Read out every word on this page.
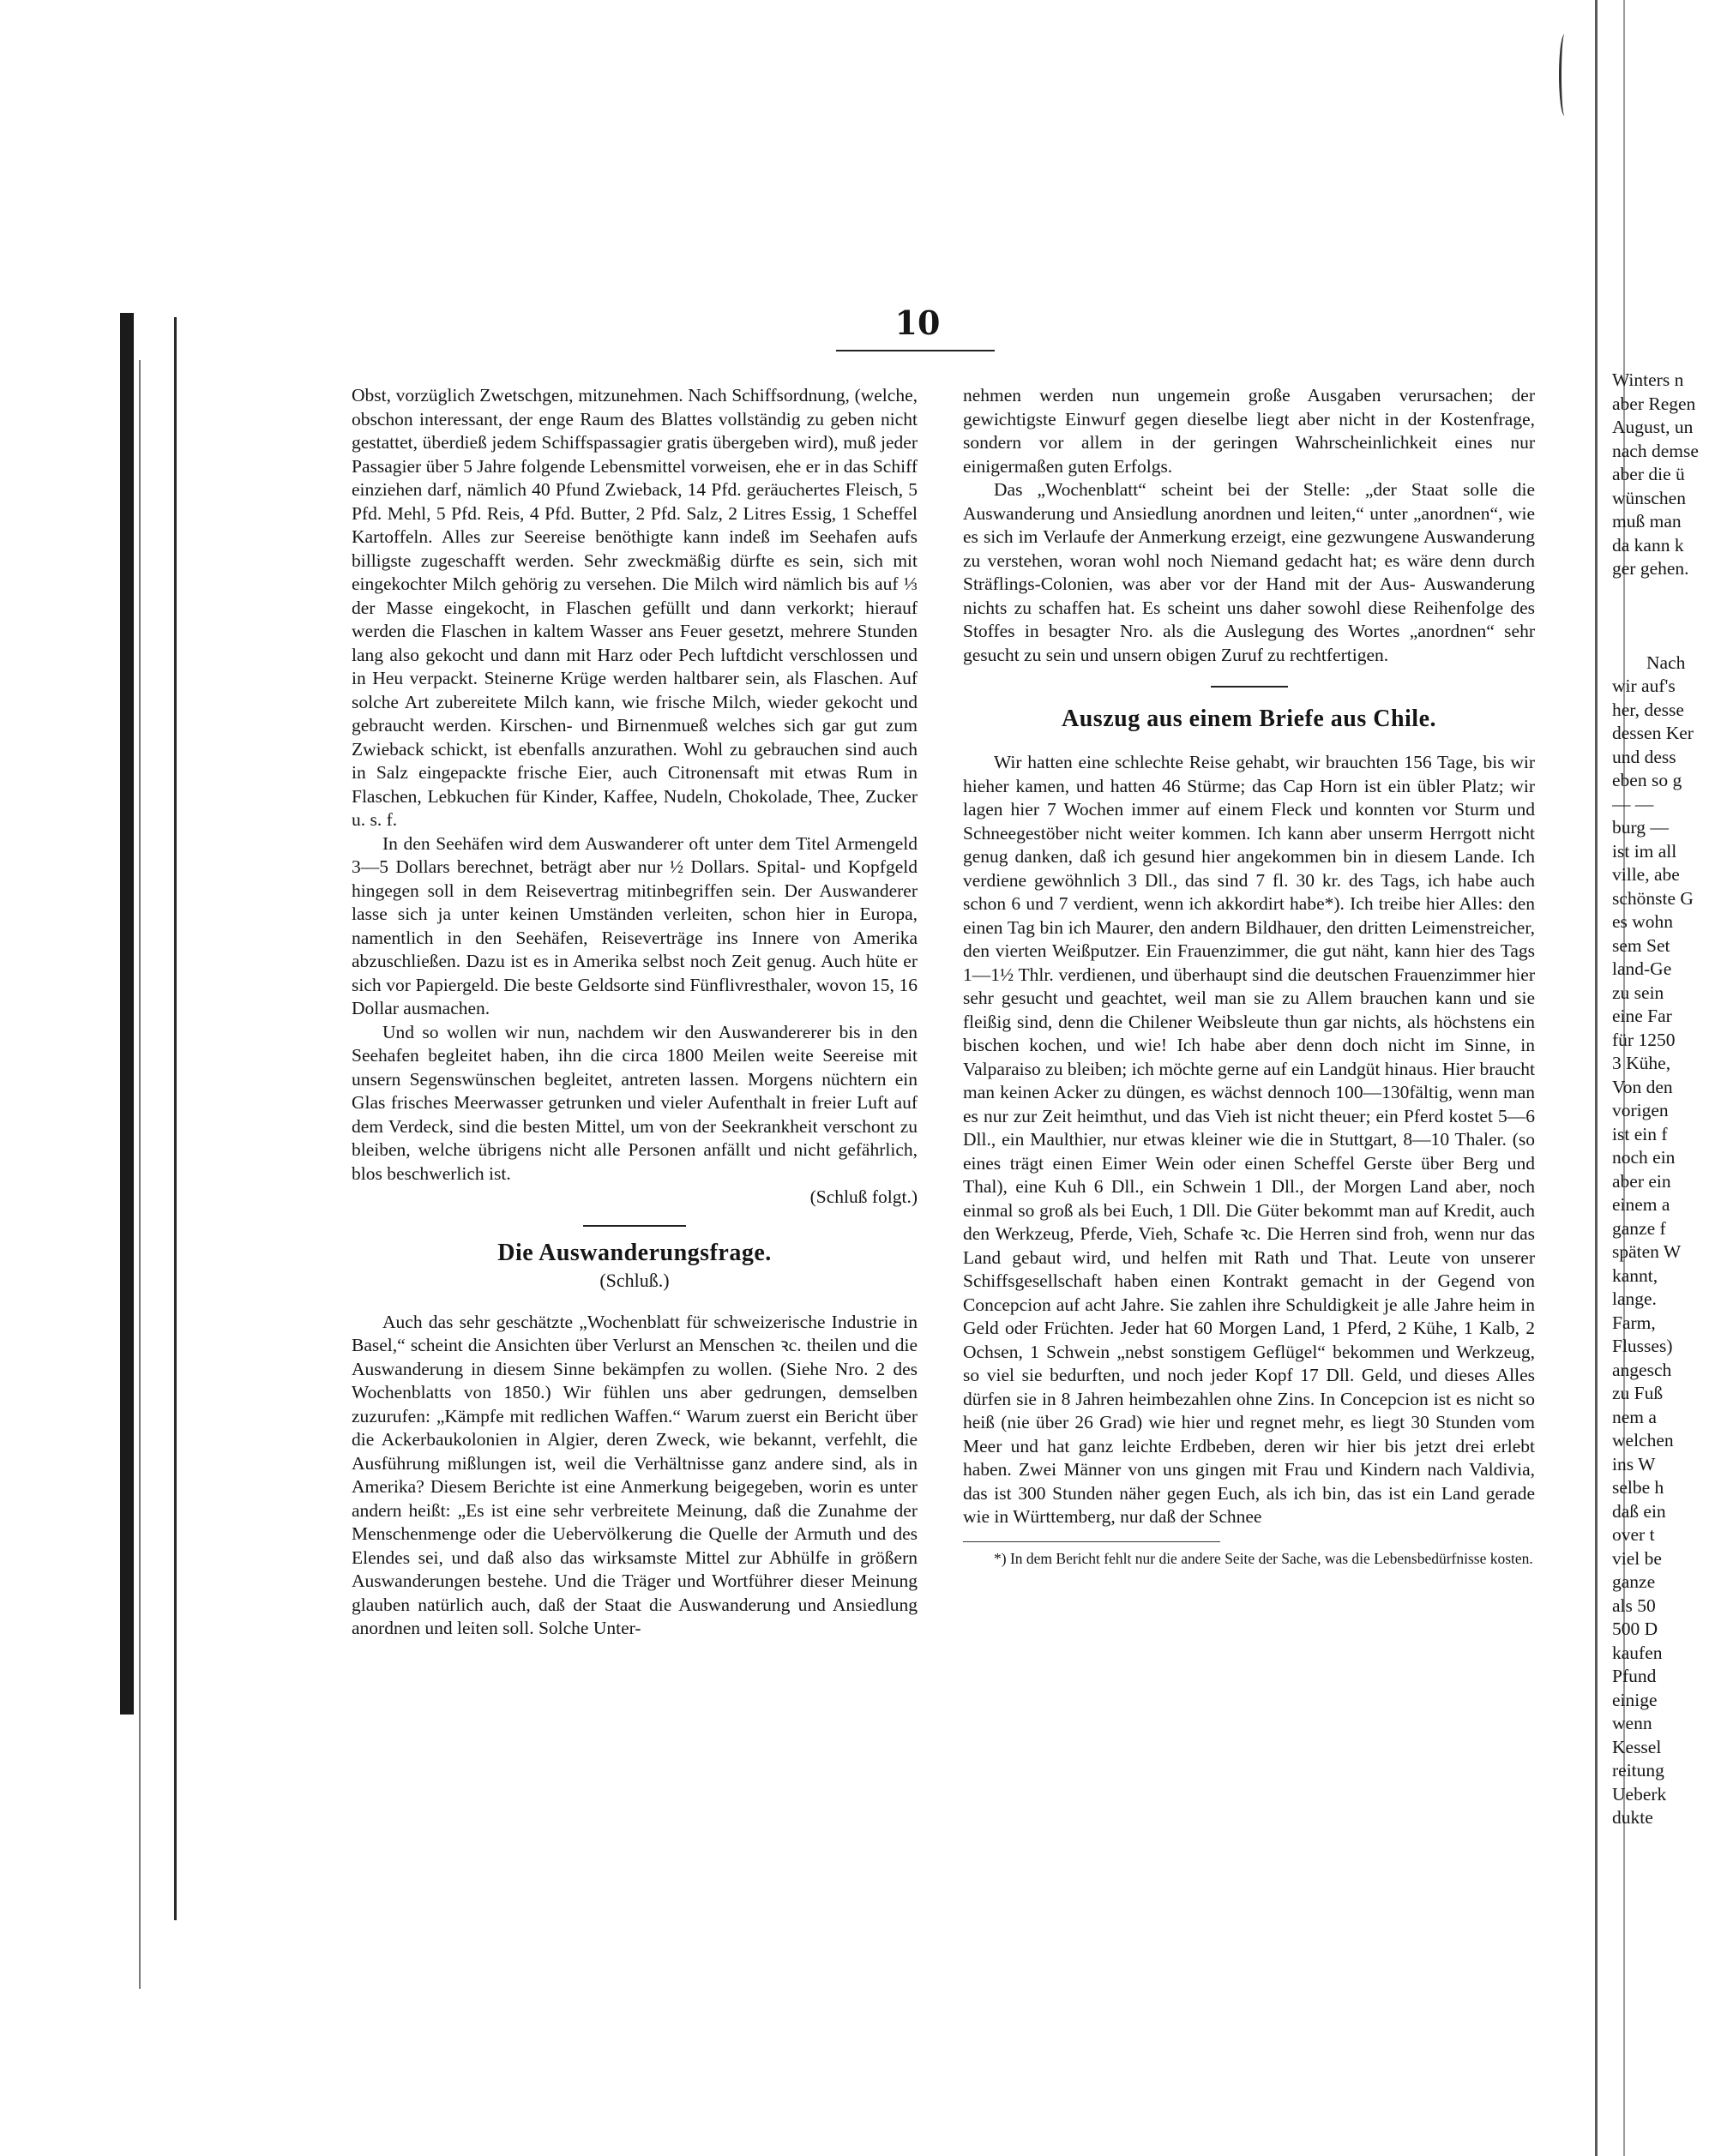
10

Obst, vorzüglich Zwetschgen, mitzunehmen. Nach Schiffsordnung, (welche, obschon interessant, der enge Raum des Blattes vollständig zu geben nicht gestattet, überdieß jedem Schiffspassagier gratis übergeben wird), muß jeder Passagier über 5 Jahre folgende Lebensmittel vorweisen, ehe er in das Schiff einziehen darf, nämlich 40 Pfund Zwieback, 14 Pfd. geräuchertes Fleisch, 5 Pfd. Mehl, 5 Pfd. Reis, 4 Pfd. Butter, 2 Pfd. Salz, 2 Litres Essig, 1 Scheffel Kartoffeln. Alles zur Seereise benöthigte kann indeß im Seehafen aufs billigste zugeschafft werden. Sehr zweckmäßig dürfte es sein, sich mit eingekochter Milch gehörig zu versehen. Die Milch wird nämlich bis auf ⅓ der Masse eingekocht, in Flaschen gefüllt und dann verkorkt; hierauf werden die Flaschen in kaltem Wasser ans Feuer gesetzt, mehrere Stunden lang also gekocht und dann mit Harz oder Pech luftdicht verschlossen und in Heu verpackt. Steinerne Krüge werden haltbarer sein, als Flaschen. Auf solche Art zubereitete Milch kann, wie frische Milch, wieder gekocht und gebraucht werden. Kirschen- und Birnenmueß welches sich gar gut zum Zwieback schickt, ist ebenfalls anzurathen. Wohl zu gebrauchen sind auch in Salz eingepackte frische Eier, auch Citronensaft mit etwas Rum in Flaschen, Lebkuchen für Kinder, Kaffee, Nudeln, Chokolade, Thee, Zucker u. s. f.

In den Seehäfen wird dem Auswanderer oft unter dem Titel Armengeld 3—5 Dollars berechnet, beträgt aber nur ½ Dollars. Spital- und Kopfgeld hingegen soll in dem Reisevertrag mitinbegriffen sein. Der Auswanderer lasse sich ja unter keinen Umständen verleiten, schon hier in Europa, namentlich in den Seehäfen, Reiseverträge ins Innere von Amerika abzuschließen. Dazu ist es in Amerika selbst noch Zeit genug. Auch hüte er sich vor Papiergeld. Die beste Geldsorte sind Fünflivresthaler, wovon 15, 16 Dollar ausmachen.

Und so wollen wir nun, nachdem wir den Auswandererer bis in den Seehafen begleitet haben, ihn die circa 1800 Meilen weite Seereise mit unsern Segenswünschen begleitet, antreten lassen. Morgens nüchtern ein Glas frisches Meerwasser getrunken und vieler Aufenthalt in freier Luft auf dem Verdeck, sind die besten Mittel, um von der Seekrankheit verschont zu bleiben, welche übrigens nicht alle Personen anfällt und nicht gefährlich, blos beschwerlich ist.

(Schluß folgt.)

Die Auswanderungsfrage.

(Schluß.)

Auch das sehr geschätzte „Wochenblatt für schweizerische Industrie in Basel,“ scheint die Ansichten über Verlurst an Menschen ꝛc. theilen und die Auswanderung in diesem Sinne bekämpfen zu wollen. (Siehe Nro. 2 des Wochenblatts von 1850.) Wir fühlen uns aber gedrungen, demselben zuzurufen: „Kämpfe mit redlichen Waffen.“ Warum zuerst ein Bericht über die Ackerbaukolonien in Algier, deren Zweck, wie bekannt, verfehlt, die Ausführung mißlungen ist, weil die Verhältnisse ganz andere sind, als in Amerika? Diesem Berichte ist eine Anmerkung beigegeben, worin es unter andern heißt: „Es ist eine sehr verbreitete Meinung, daß die Zunahme der Menschenmenge oder die Uebervölkerung die Quelle der Armuth und des Elendes sei, und daß also das wirksamste Mittel zur Abhülfe in größern Auswanderungen bestehe. Und die Träger und Wortführer dieser Meinung glauben natürlich auch, daß der Staat die Auswanderung und Ansiedlung anordnen und leiten soll. Solche Unter-

nehmen werden nun ungemein große Ausgaben verursachen; der gewichtigste Einwurf gegen dieselbe liegt aber nicht in der Kostenfrage, sondern vor allem in der geringen Wahrscheinlichkeit eines nur einigermaßen guten Erfolgs.

Das „Wochenblatt“ scheint bei der Stelle: „der Staat solle die Auswanderung und Ansiedlung anordnen und leiten,“ unter „anordnen“, wie es sich im Verlaufe der Anmerkung erzeigt, eine gezwungene Auswanderung zu verstehen, woran wohl noch Niemand gedacht hat; es wäre denn durch Sträflings-Colonien, was aber vor der Hand mit der Aus- Auswanderung nichts zu schaffen hat. Es scheint uns daher sowohl diese Reihenfolge des Stoffes in besagter Nro. als die Auslegung des Wortes „anordnen“ sehr gesucht zu sein und unsern obigen Zuruf zu rechtfertigen.

Auszug aus einem Briefe aus Chile.

Wir hatten eine schlechte Reise gehabt, wir brauchten 156 Tage, bis wir hieher kamen, und hatten 46 Stürme; das Cap Horn ist ein übler Platz; wir lagen hier 7 Wochen immer auf einem Fleck und konnten vor Sturm und Schneegestöber nicht weiter kommen. Ich kann aber unserm Herrgott nicht genug danken, daß ich gesund hier angekommen bin in diesem Lande. Ich verdiene gewöhnlich 3 Dll., das sind 7 fl. 30 kr. des Tags, ich habe auch schon 6 und 7 verdient, wenn ich akkordirt habe*). Ich treibe hier Alles: den einen Tag bin ich Maurer, den andern Bildhauer, den dritten Leimenstreicher, den vierten Weißputzer. Ein Frauenzimmer, die gut näht, kann hier des Tags 1—1½ Thlr. verdienen, und überhaupt sind die deutschen Frauenzimmer hier sehr gesucht und geachtet, weil man sie zu Allem brauchen kann und sie fleißig sind, denn die Chilener Weibsleute thun gar nichts, als höchstens ein bischen kochen, und wie! Ich habe aber denn doch nicht im Sinne, in Valparaiso zu bleiben; ich möchte gerne auf ein Landgüt hinaus. Hier braucht man keinen Acker zu düngen, es wächst dennoch 100—130fältig, wenn man es nur zur Zeit heimthut, und das Vieh ist nicht theuer; ein Pferd kostet 5—6 Dll., ein Maulthier, nur etwas kleiner wie die in Stuttgart, 8—10 Thaler. (so eines trägt einen Eimer Wein oder einen Scheffel Gerste über Berg und Thal), eine Kuh 6 Dll., ein Schwein 1 Dll., der Morgen Land aber, noch einmal so groß als bei Euch, 1 Dll. Die Güter bekommt man auf Kredit, auch den Werkzeug, Pferde, Vieh, Schafe ꝛc. Die Herren sind froh, wenn nur das Land gebaut wird, und helfen mit Rath und That. Leute von unserer Schiffsgesellschaft haben einen Kontrakt gemacht in der Gegend von Concepcion auf acht Jahre. Sie zahlen ihre Schuldigkeit je alle Jahre heim in Geld oder Früchten. Jeder hat 60 Morgen Land, 1 Pferd, 2 Kühe, 1 Kalb, 2 Ochsen, 1 Schwein „nebst sonstigem Geflügel“ bekommen und Werkzeug, so viel sie bedurften, und noch jeder Kopf 17 Dll. Geld, und dieses Alles dürfen sie in 8 Jahren heimbezahlen ohne Zins. In Concepcion ist es nicht so heiß (nie über 26 Grad) wie hier und regnet mehr, es liegt 30 Stunden vom Meer und hat ganz leichte Erdbeben, deren wir hier bis jetzt drei erlebt haben. Zwei Männer von uns gingen mit Frau und Kindern nach Valdivia, das ist 300 Stunden näher gegen Euch, als ich bin, das ist ein Land gerade wie in Württemberg, nur daß der Schnee

*) In dem Bericht fehlt nur die andere Seite der Sache, was die Lebensbedürfnisse kosten.

Winters n

aber Regen

August, un

nach demse

aber die ü

wünschen

muß man

da kann k

ger gehen.

Nach

wir auf's

her, desse

dessen Ker

und dess

eben so g

— —

burg —

ist im all

ville, abe

schönste G

es wohn

sem Set

land-Ge

zu sein

eine Far

für 1250

3 Kühe,

Von den

vorigen

ist ein f

noch ein

aber ein

einem a

ganze f

späten W

kannt,

lange.

Farm,

Flusses)

angesch

zu Fuß

nem a

welchen

ins W

selbe h

daß ein

over t

viel be

ganze

als 50

500 D

kaufen

Pfund

einige

wenn

Kessel

reitung

Ueberk

dukte
